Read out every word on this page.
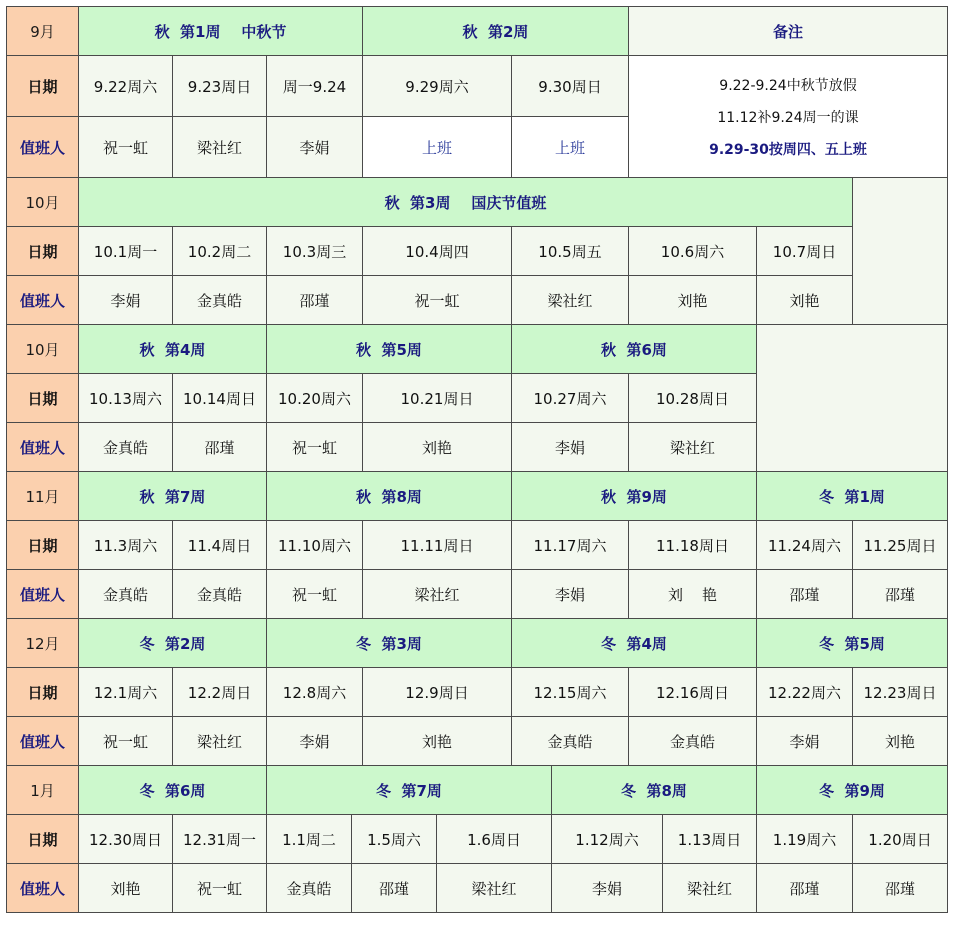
9月	秋  第1周    中秋节	秋  第2周	备注
日期	9.22周六	9.23周日	周一9.24	9.29周六	9.30周日	9.22-9.24中秋节放假
11.12补9.24周一的课
9.29-30按周四、五上班
值班人	祝一虹	梁社红	李娟	上班	上班
10月	秋  第3周    国庆节值班
日期	10.1周一	10.2周二	10.3周三	10.4周四	10.5周五	10.6周六	10.7周日
值班人	李娟	金真皓	邵瑾	祝一虹	梁社红	刘艳	刘艳
10月	秋  第4周	秋  第5周	秋  第6周
日期	10.13周六	10.14周日	10.20周六	10.21周日	10.27周六	10.28周日
值班人	金真皓	邵瑾	祝一虹	刘艳	李娟	梁社红
11月	秋  第7周	秋  第8周	秋  第9周	冬  第1周
日期	11.3周六	11.4周日	11.10周六	11.11周日	11.17周六	11.18周日	11.24周六	11.25周日
值班人	金真皓	金真皓	祝一虹	梁社红	李娟	刘    艳	邵瑾	邵瑾
12月	冬  第2周	冬  第3周	冬  第4周	冬  第5周
日期	12.1周六	12.2周日	12.8周六	12.9周日	12.15周六	12.16周日	12.22周六	12.23周日
值班人	祝一虹	梁社红	李娟	刘艳	金真皓	金真皓	李娟	刘艳
1月	冬  第6周	冬  第7周	冬  第8周	冬  第9周
日期	12.30周日	12.31周一	1.1周二	1.5周六	1.6周日	1.12周六	1.13周日	1.19周六	1.20周日
值班人	刘艳	祝一虹	金真皓	邵瑾	梁社红	李娟	梁社红	邵瑾	邵瑾
